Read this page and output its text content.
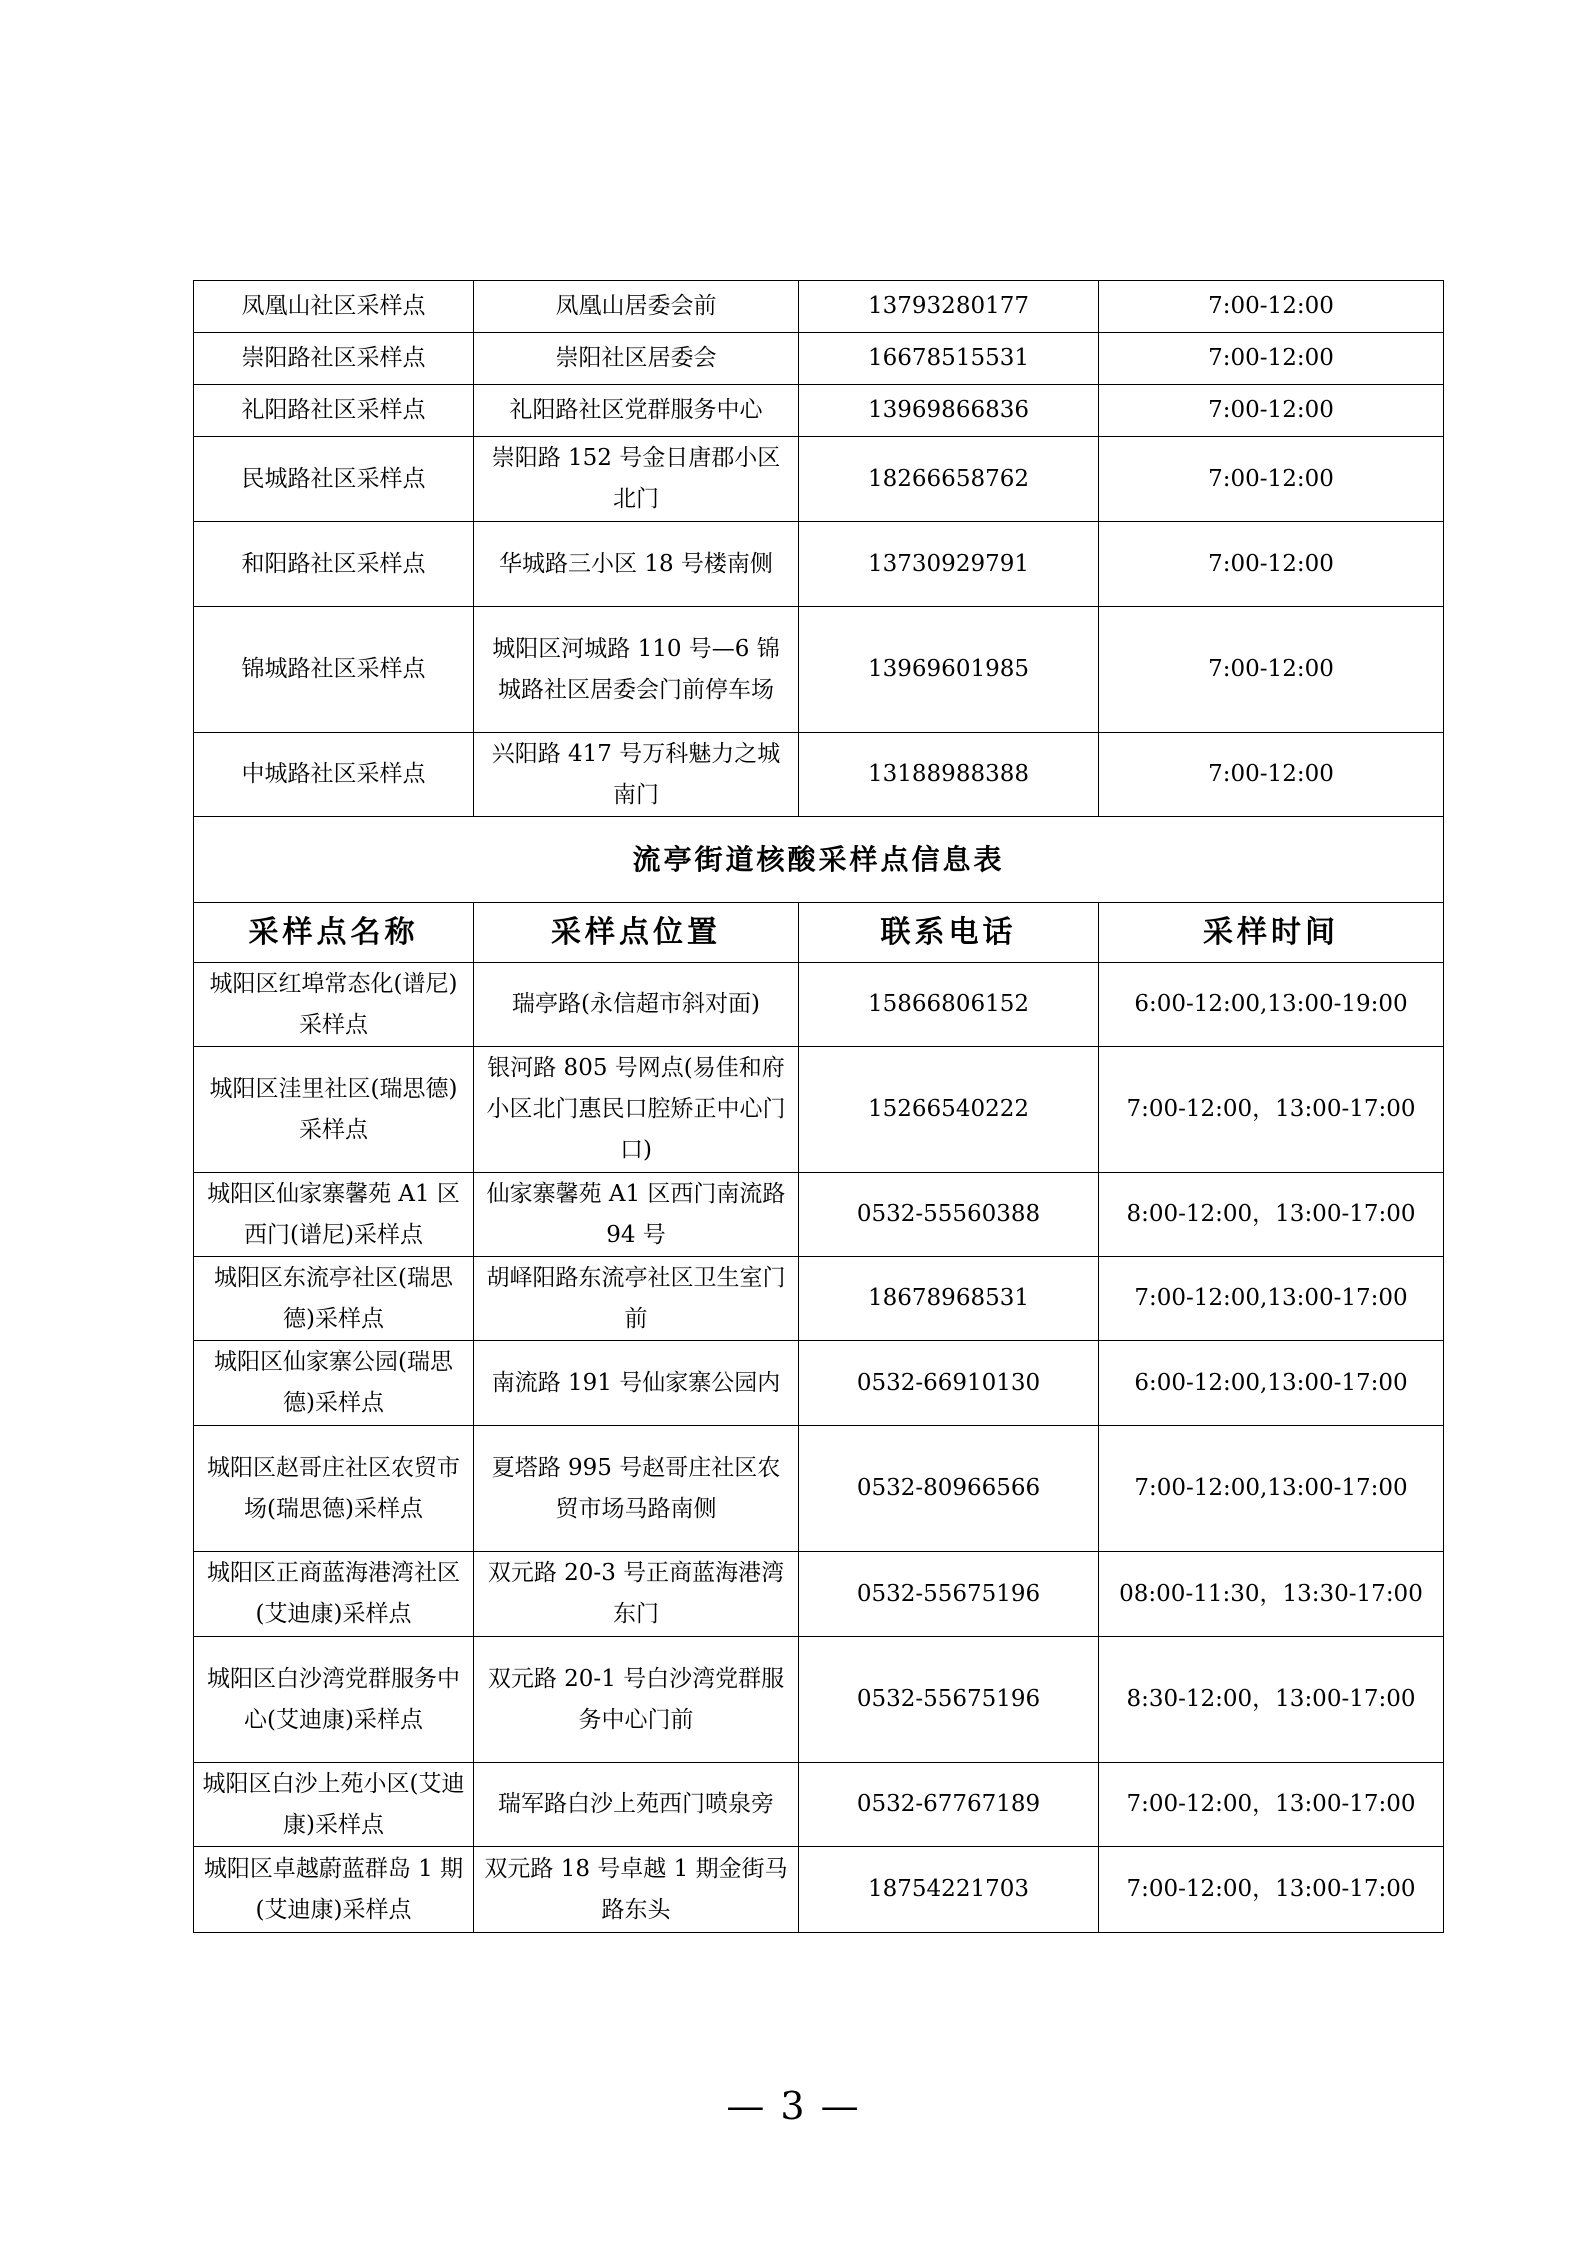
凤凰山社区采样点	凤凰山居委会前	13793280177	7:00-12:00
崇阳路社区采样点	崇阳社区居委会	16678515531	7:00-12:00
礼阳路社区采样点	礼阳路社区党群服务中心	13969866836	7:00-12:00
民城路社区采样点	崇阳路 152 号金日唐郡小区北门	18266658762	7:00-12:00
和阳路社区采样点	华城路三小区 18 号楼南侧	13730929791	7:00-12:00
锦城路社区采样点	城阳区河城路 110 号—6 锦城路社区居委会门前停车场	13969601985	7:00-12:00
中城路社区采样点	兴阳路 417 号万科魅力之城南门	13188988388	7:00-12:00
流亭街道核酸采样点信息表			
采样点名称	采样点位置	联系电话	采样时间
城阳区红埠常态化(谱尼)采样点	瑞亭路(永信超市斜对面)	15866806152	6:00-12:00,13:00-19:00
城阳区洼里社区(瑞思德)采样点	银河路 805 号网点(易佳和府小区北门惠民口腔矫正中心门口)	15266540222	7:00-12:00，13:00-17:00
城阳区仙家寨馨苑 A1 区西门(谱尼)采样点	仙家寨馨苑 A1 区西门南流路 94 号	0532-55560388	8:00-12:00，13:00-17:00
城阳区东流亭社区(瑞思德)采样点	胡峄阳路东流亭社区卫生室门前	18678968531	7:00-12:00,13:00-17:00
城阳区仙家寨公园(瑞思德)采样点	南流路 191 号仙家寨公园内	0532-66910130	6:00-12:00,13:00-17:00
城阳区赵哥庄社区农贸市场(瑞思德)采样点	夏塔路 995 号赵哥庄社区农贸市场马路南侧	0532-80966566	7:00-12:00,13:00-17:00
城阳区正商蓝海港湾社区(艾迪康)采样点	双元路 20-3 号正商蓝海港湾东门	0532-55675196	08:00-11:30，13:30-17:00
城阳区白沙湾党群服务中心(艾迪康)采样点	双元路 20-1 号白沙湾党群服务中心门前	0532-55675196	8:30-12:00，13:00-17:00
城阳区白沙上苑小区(艾迪康)采样点	瑞军路白沙上苑西门喷泉旁	0532-67767189	7:00-12:00，13:00-17:00
城阳区卓越蔚蓝群岛 1 期(艾迪康)采样点	双元路 18 号卓越 1 期金街马路东头	18754221703	7:00-12:00，13:00-17:00
— 3 —
